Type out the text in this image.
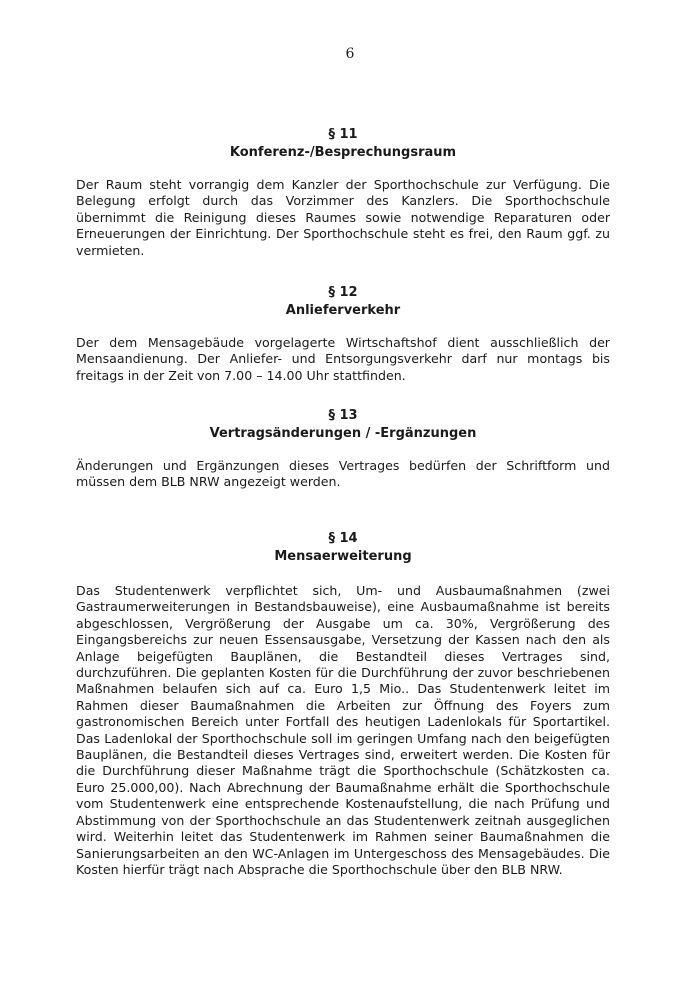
6

§ 11

Konferenz-/Besprechungsraum

Der Raum steht vorrangig dem Kanzler der Sporthochschule zur Verfügung. Die Belegung erfolgt durch das Vorzimmer des Kanzlers. Die Sporthochschule übernimmt die Reinigung dieses Raumes sowie notwendige Reparaturen oder Erneuerungen der Einrichtung. Der Sporthochschule steht es frei, den Raum ggf. zu vermieten.

§ 12

Anlieferverkehr

Der dem Mensagebäude vorgelagerte Wirtschaftshof dient ausschließlich der Mensaandienung. Der Anliefer- und Entsorgungsverkehr darf nur montags bis freitags in der Zeit von 7.00 – 14.00 Uhr stattfinden.

§ 13

Vertragsänderungen / -Ergänzungen

Änderungen und Ergänzungen dieses Vertrages bedürfen der Schriftform und müssen dem BLB NRW angezeigt werden.

§ 14

Mensaerweiterung

Das Studentenwerk verpflichtet sich, Um- und Ausbaumaßnahmen (zwei Gastraumerweiterungen in Bestandsbauweise), eine Ausbaumaßnahme ist bereits abgeschlossen, Vergrößerung der Ausgabe um ca. 30%, Vergrößerung des Eingangsbereichs zur neuen Essensausgabe, Versetzung der Kassen nach den als Anlage beigefügten Bauplänen, die Bestandteil dieses Vertrages sind, durchzuführen. Die geplanten Kosten für die Durchführung der zuvor beschriebenen Maßnahmen belaufen sich auf ca. Euro 1,5 Mio.. Das Studentenwerk leitet im Rahmen dieser Baumaßnahmen die Arbeiten zur Öffnung des Foyers zum gastronomischen Bereich unter Fortfall des heutigen Ladenlokals für Sportartikel. Das Ladenlokal der Sporthochschule soll im geringen Umfang nach den beigefügten Bauplänen, die Bestandteil dieses Vertrages sind, erweitert werden. Die Kosten für die Durchführung dieser Maßnahme trägt die Sporthochschule (Schätzkosten ca. Euro 25.000,00). Nach Abrechnung der Baumaßnahme erhält die Sporthochschule vom Studentenwerk eine entsprechende Kostenaufstellung, die nach Prüfung und Abstimmung von der Sporthochschule an das Studentenwerk zeitnah ausgeglichen wird. Weiterhin leitet das Studentenwerk im Rahmen seiner Baumaßnahmen die Sanierungsarbeiten an den WC-Anlagen im Untergeschoss des Mensagebäudes. Die Kosten hierfür trägt nach Absprache die Sporthochschule über den BLB NRW.
